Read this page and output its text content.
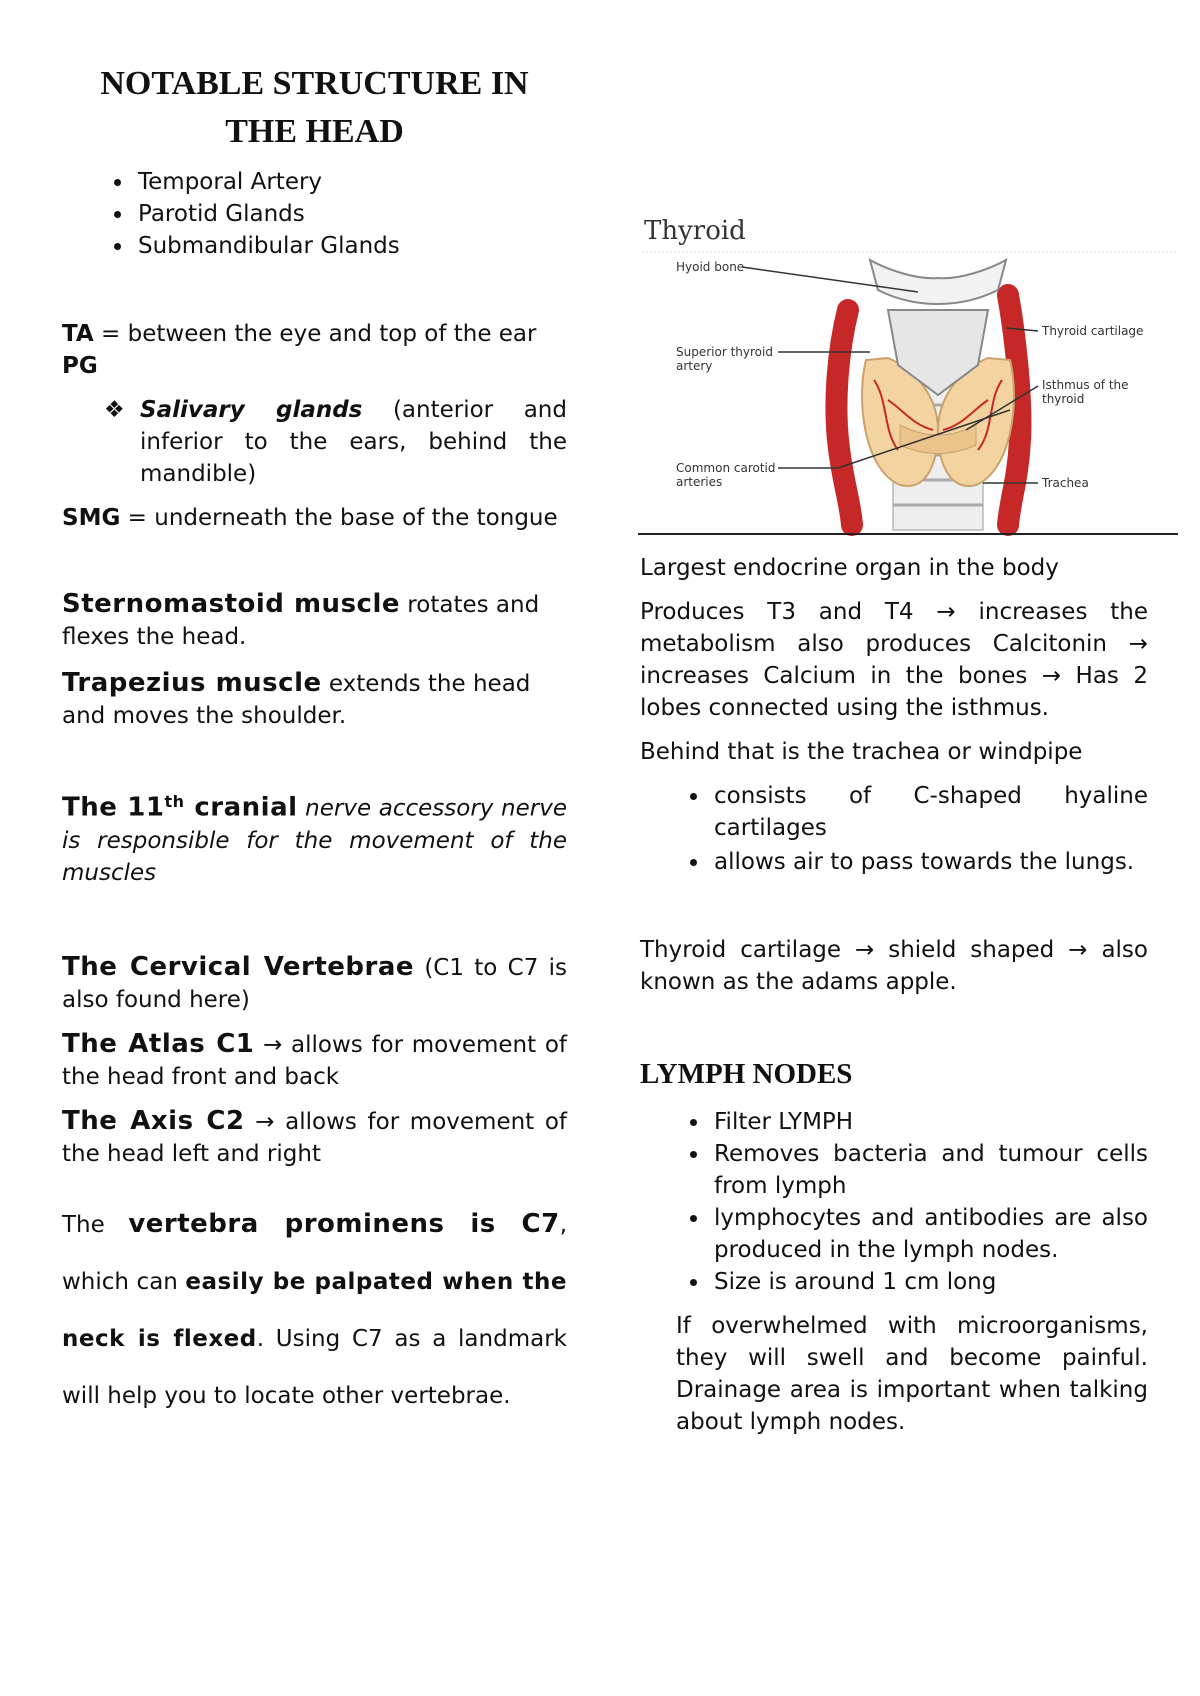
NOTABLE STRUCTURE IN
THE HEAD
• Temporal Artery
• Parotid Glands
• Submandibular Glands

TA = between the eye and top of the ear

PG

❖ Salivary glands (anterior and inferior to the ears, behind the mandible)

SMG = underneath the base of the tongue

Sternomastoid muscle rotates and flexes the head.

Trapezius muscle extends the head and moves the shoulder.

The 11th cranial nerve accessory nerve is responsible for the movement of the muscles

The Cervical Vertebrae (C1 to C7 is also found here)

The Atlas C1 → allows for movement of the head front and back

The Axis C2 → allows for movement of the head left and right

The vertebra prominens is C7, which can easily be palpated when the neck is flexed. Using C7 as a landmark will help you to locate other vertebrae.

Thyroid
Hyoid bone
Thyroid cartilage
Superior thyroid artery
Isthmus of the thyroid
Common carotid arteries	Trachea

Largest endocrine organ in the body

Produces T3 and T4 → increases the metabolism also produces Calcitonin → increases Calcium in the bones → Has 2 lobes connected using the isthmus.

Behind that is the trachea or windpipe

• consists of C-shaped hyaline cartilages
• allows air to pass towards the lungs.

Thyroid cartilage → shield shaped → also known as the adams apple.

LYMPH NODES
• Filter LYMPH
• Removes bacteria and tumour cells from lymph
• lymphocytes and antibodies are also produced in the lymph nodes.
• Size is around 1 cm long

If overwhelmed with microorganisms, they will swell and become painful. Drainage area is important when talking about lymph nodes.
